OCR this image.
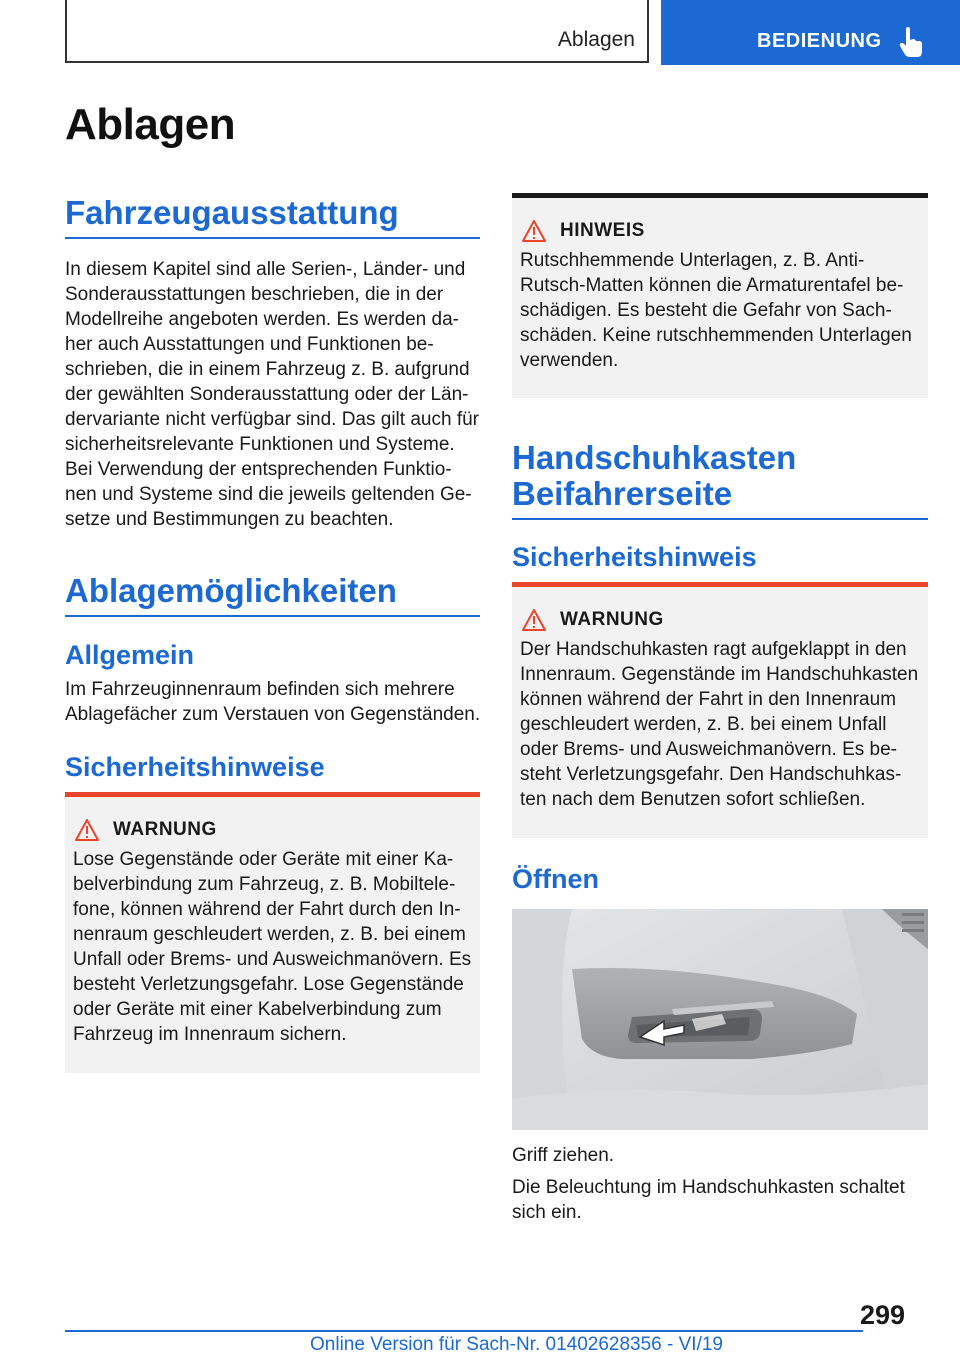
Ablagen	BEDIENUNG
Ablagen
Fahrzeugausstattung
In diesem Kapitel sind alle Serien-, Länder- und
Sonderausstattungen beschrieben, die in der
Modellreihe angeboten werden. Es werden da-
her auch Ausstattungen und Funktionen be-
schrieben, die in einem Fahrzeug z. B. aufgrund
der gewählten Sonderausstattung oder der Län-
dervariante nicht verfügbar sind. Das gilt auch für
sicherheitsrelevante Funktionen und Systeme.
Bei Verwendung der entsprechenden Funktio-
nen und Systeme sind die jeweils geltenden Ge-
setze und Bestimmungen zu beachten.
Ablagemöglichkeiten
Allgemein
Im Fahrzeuginnenraum befinden sich mehrere
Ablagefächer zum Verstauen von Gegenständen.
Sicherheitshinweise
WARNUNG
Lose Gegenstände oder Geräte mit einer Ka-
belverbindung zum Fahrzeug, z. B. Mobiltele-
fone, können während der Fahrt durch den In-
nenraum geschleudert werden, z. B. bei einem
Unfall oder Brems- und Ausweichmanövern. Es
besteht Verletzungsgefahr. Lose Gegenstände
oder Geräte mit einer Kabelverbindung zum
Fahrzeug im Innenraum sichern.
HINWEIS
Rutschhemmende Unterlagen, z. B. Anti-
Rutsch-Matten können die Armaturentafel be-
schädigen. Es besteht die Gefahr von Sach-
schäden. Keine rutschhemmenden Unterlagen
verwenden.
Handschuhkasten
Beifahrerseite
Sicherheitshinweis
WARNUNG
Der Handschuhkasten ragt aufgeklappt in den
Innenraum. Gegenstände im Handschuhkasten
können während der Fahrt in den Innenraum
geschleudert werden, z. B. bei einem Unfall
oder Brems- und Ausweichmanövern. Es be-
steht Verletzungsgefahr. Den Handschuhkas-
ten nach dem Benutzen sofort schließen.
Öffnen
Griff ziehen.
Die Beleuchtung im Handschuhkasten schaltet
sich ein.
299
Online Version für Sach-Nr. 01402628356 - VI/19
